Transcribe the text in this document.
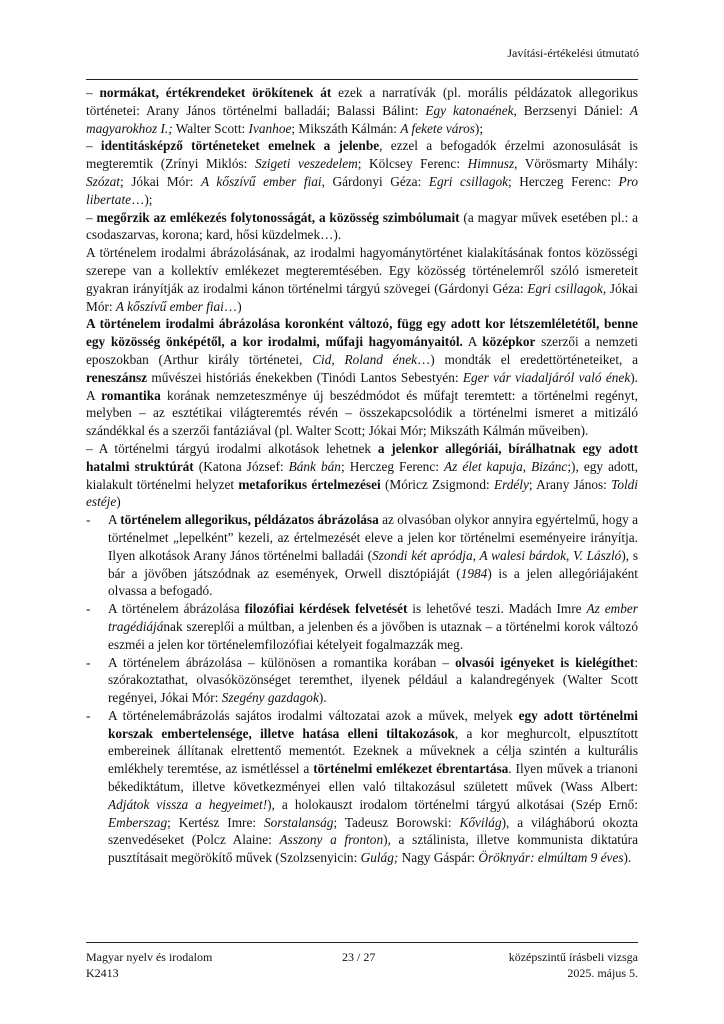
Javítási-értékelési útmutató

– normákat, értékrendeket örökítenek át ezek a narratívák (pl. morális példázatok allegorikus történetei: Arany János történelmi balladái; Balassi Bálint: Egy katonaének, Berzsenyi Dániel: A magyarokhoz I.; Walter Scott: Ivanhoe; Mikszáth Kálmán: A fekete város);

– identitásképző történeteket emelnek a jelenbe, ezzel a befogadók érzelmi azonosulását is megteremtik (Zrínyi Miklós: Szigeti veszedelem; Kölcsey Ferenc: Himnusz, Vörösmarty Mihály: Szózat; Jókai Mór: A kőszívű ember fiai, Gárdonyi Géza: Egri csillagok; Herczeg Ferenc: Pro libertate…);

– megőrzik az emlékezés folytonosságát, a közösség szimbólumait (a magyar művek esetében pl.: a csodaszarvas, korona; kard, hősi küzdelmek…).

A történelem irodalmi ábrázolásának, az irodalmi hagyománytörténet kialakításának fontos közösségi szerepe van a kollektív emlékezet megteremtésében. Egy közösség történelemről szóló ismereteit gyakran irányítják az irodalmi kánon történelmi tárgyú szövegei (Gárdonyi Géza: Egri csillagok, Jókai Mór: A kőszívű ember fiai…)

A történelem irodalmi ábrázolása koronként változó, függ egy adott kor létszemléletétől, benne egy közösség önképétől, a kor irodalmi, műfaji hagyományaitól. A középkor szerzői a nemzeti eposzokban (Arthur király történetei, Cid, Roland ének…) mondták el eredettörténeteiket, a reneszánsz művészei históriás énekekben (Tinódi Lantos Sebestyén: Eger vár viadaljáról való ének). A romantika korának nemzeteszménye új beszédmódot és műfajt teremtett: a történelmi regényt, melyben – az esztétikai világteremtés révén – összekapcsolódik a történelmi ismeret a mitizáló szándékkal és a szerzői fantáziával (pl. Walter Scott; Jókai Mór; Mikszáth Kálmán műveiben).

– A történelmi tárgyú irodalmi alkotások lehetnek a jelenkor allegóriái, bírálhatnak egy adott hatalmi struktúrát (Katona József: Bánk bán; Herczeg Ferenc: Az élet kapuja, Bizánc;), egy adott, kialakult történelmi helyzet metaforikus értelmezései (Móricz Zsigmond: Erdély; Arany János: Toldi estéje)

-	A történelem allegorikus, példázatos ábrázolása az olvasóban olykor annyira egyértelmű, hogy a történelmet „lepelként” kezeli, az értelmezését eleve a jelen kor történelmi eseményeire irányítja. Ilyen alkotások Arany János történelmi balladái (Szondi két apródja, A walesi bárdok, V. László), s bár a jövőben játszódnak az események, Orwell disztópiáját (1984) is a jelen allegóriájaként olvassa a befogadó.
-	A történelem ábrázolása filozófiai kérdések felvetését is lehetővé teszi. Madách Imre Az ember tragédiájának szereplői a múltban, a jelenben és a jövőben is utaznak – a történelmi korok változó eszméi a jelen kor történelemfilozófiai kételyeit fogalmazzák meg.
-	A történelem ábrázolása – különösen a romantika korában – olvasói igényeket is kielégíthet: szórakoztathat, olvasóközönséget teremthet, ilyenek például a kalandregények (Walter Scott regényei, Jókai Mór: Szegény gazdagok).
-	A történelemábrázolás sajátos irodalmi változatai azok a művek, melyek egy adott történelmi korszak embertelensége, illetve hatása elleni tiltakozások, a kor meghurcolt, elpusztított embereinek állítanak elrettentő mementót. Ezeknek a műveknek a célja szintén a kulturális emlékhely teremtése, az ismétléssel a történelmi emlékezet ébrentartása. Ilyen művek a trianoni békediktátum, illetve következményei ellen való tiltakozásul született művek (Wass Albert: Adjátok vissza a hegyeimet!), a holokauszt irodalom történelmi tárgyú alkotásai (Szép Ernő: Emberszag; Kertész Imre: Sorstalanság; Tadeusz Borowski: Kővilág), a világháború okozta szenvedéseket (Polcz Alaine: Asszony a fronton), a sztálinista, illetve kommunista diktatúra pusztításait megörökítő művek (Szolzsenyicin: Gulág; Nagy Gáspár: Öröknyár: elmúltam 9 éves).
Magyar nyelv és irodalom
K2413
23 / 27	középszintű írásbeli vizsga
2025. május 5.
